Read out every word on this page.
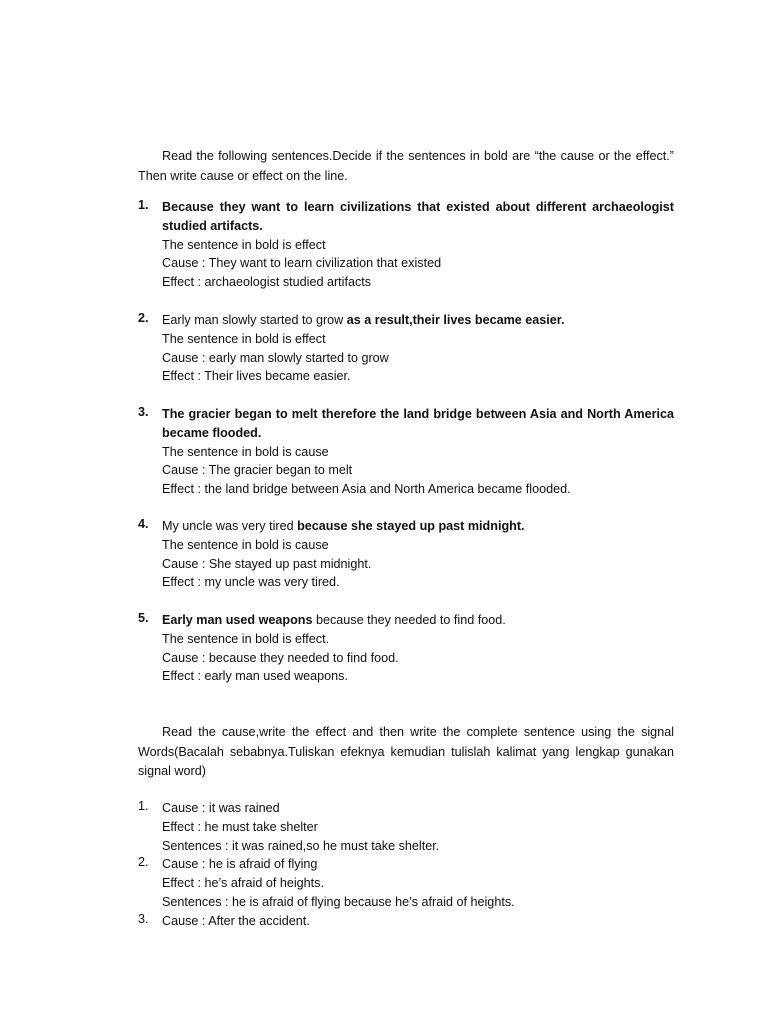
Read the following sentences.Decide if the sentences in bold are “the cause or the effect.” Then write cause or effect on the line.

1. Because they want to learn civilizations that existed about different archaeologist studied artifacts.
The sentence in bold is effect
Cause : They want to learn civilization that existed
Effect : archaeologist studied artifacts
2. Early man slowly started to grow as a result,their lives became easier.
The sentence in bold is effect
Cause : early man slowly started to grow
Effect : Their lives became easier.
3. The gracier began to melt therefore the land bridge between Asia and North America became flooded.
The sentence in bold is cause
Cause : The gracier began to melt
Effect : the land bridge between Asia and North America became flooded.
4. My uncle was very tired because she stayed up past midnight.
The sentence in bold is cause
Cause : She stayed up past midnight.
Effect : my uncle was very tired.
5. Early man used weapons because they needed to find food.
The sentence in bold is effect.
Cause : because they needed to find food.
Effect : early man used weapons.

Read the cause,write the effect and then write the complete sentence using the signal Words(Bacalah sebabnya.Tuliskan efeknya kemudian tulislah kalimat yang lengkap gunakan signal word)

1. Cause : it was rained
Effect : he must take shelter
Sentences : it was rained,so he must take shelter.
2. Cause : he is afraid of flying
Effect : he’s afraid of heights.
Sentences : he is afraid of flying because he’s afraid of heights.
3. Cause : After the accident.
